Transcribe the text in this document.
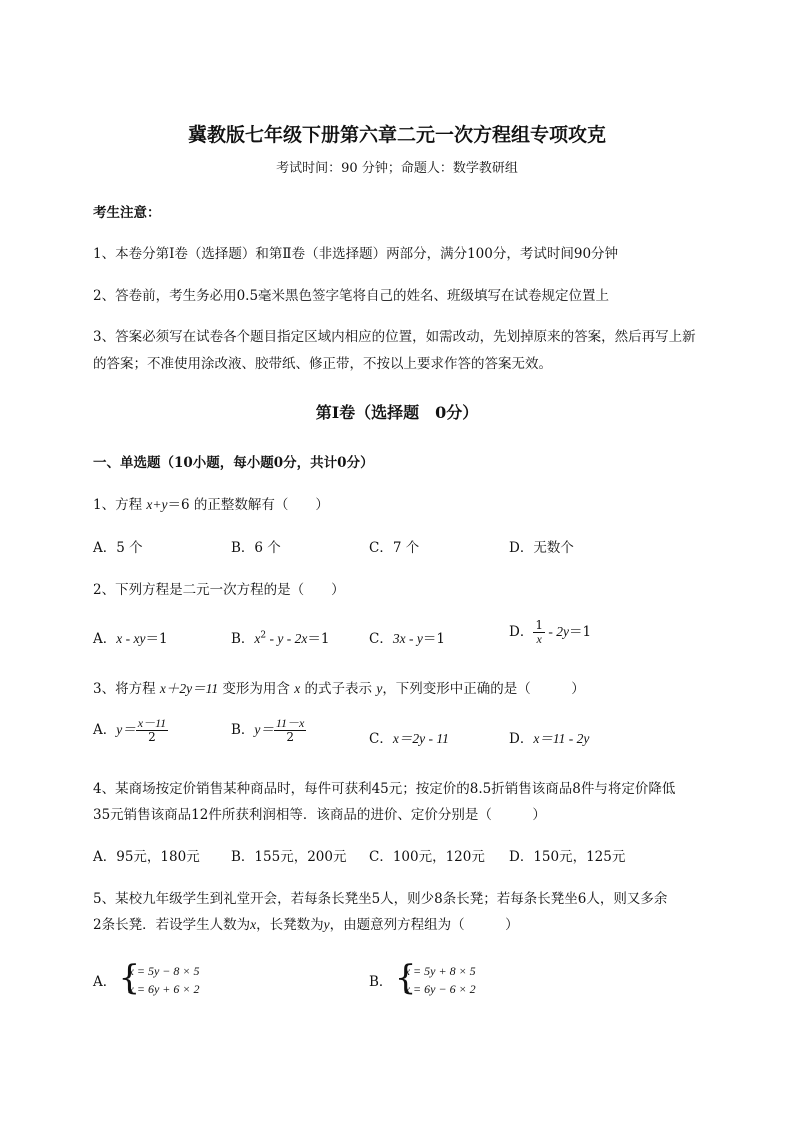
冀教版七年级下册第六章二元一次方程组专项攻克
考试时间：90 分钟；命题人：数学教研组
考生注意：
1、本卷分第Ⅰ卷（选择题）和第Ⅱ卷（非选择题）两部分，满分100分，考试时间90分钟
2、答卷前，考生务必用0.5毫米黑色签字笔将自己的姓名、班级填写在试卷规定位置上
3、答案必须写在试卷各个题目指定区域内相应的位置，如需改动，先划掉原来的答案，然后再写上新
的答案；不准使用涂改液、胶带纸、修正带，不按以上要求作答的答案无效。
第Ⅰ卷（选择题　0分）
一、单选题（10小题，每小题0分，共计0分）
1、方程 x+y＝6 的正整数解有（　　）
A．5 个	B．6 个	C．7 个	D．无数个
2、下列方程是二元一次方程的是（　　）
A．x - xy＝1	B．$x^2 - y - 2x=1$	C．3x - y＝1	D． $\frac{1}{x} - 2y=1$
3、将方程 x＋2y＝11 变形为用含 x 的式子表示 y，下列变形中正确的是（　　　）
A．$y= \frac{x-11}{2}$	B．$y= \frac{11-x}{2}$	C．x＝2y - 11	D．x＝11 - 2y
4、某商场按定价销售某种商品时，每件可获利45元；按定价的8.5折销售该商品8件与将定价降低
35元销售该商品12件所获利润相等．该商品的进价、定价分别是（　　　）
A．95元，180元 B．155元，200元 C．100元，120元 D．150元，125元
5、某校九年级学生到礼堂开会，若每条长凳坐5人，则少8条长凳；若每条长凳坐6人，则又多余
2条长凳．若设学生人数为x，长凳数为y，由题意列方程组为（　　　）
A． {
x = 5y − 8 × 5
x = 6y + 6 × 2	B． {
x = 5y + 8 × 5
x = 6y − 6 × 2
